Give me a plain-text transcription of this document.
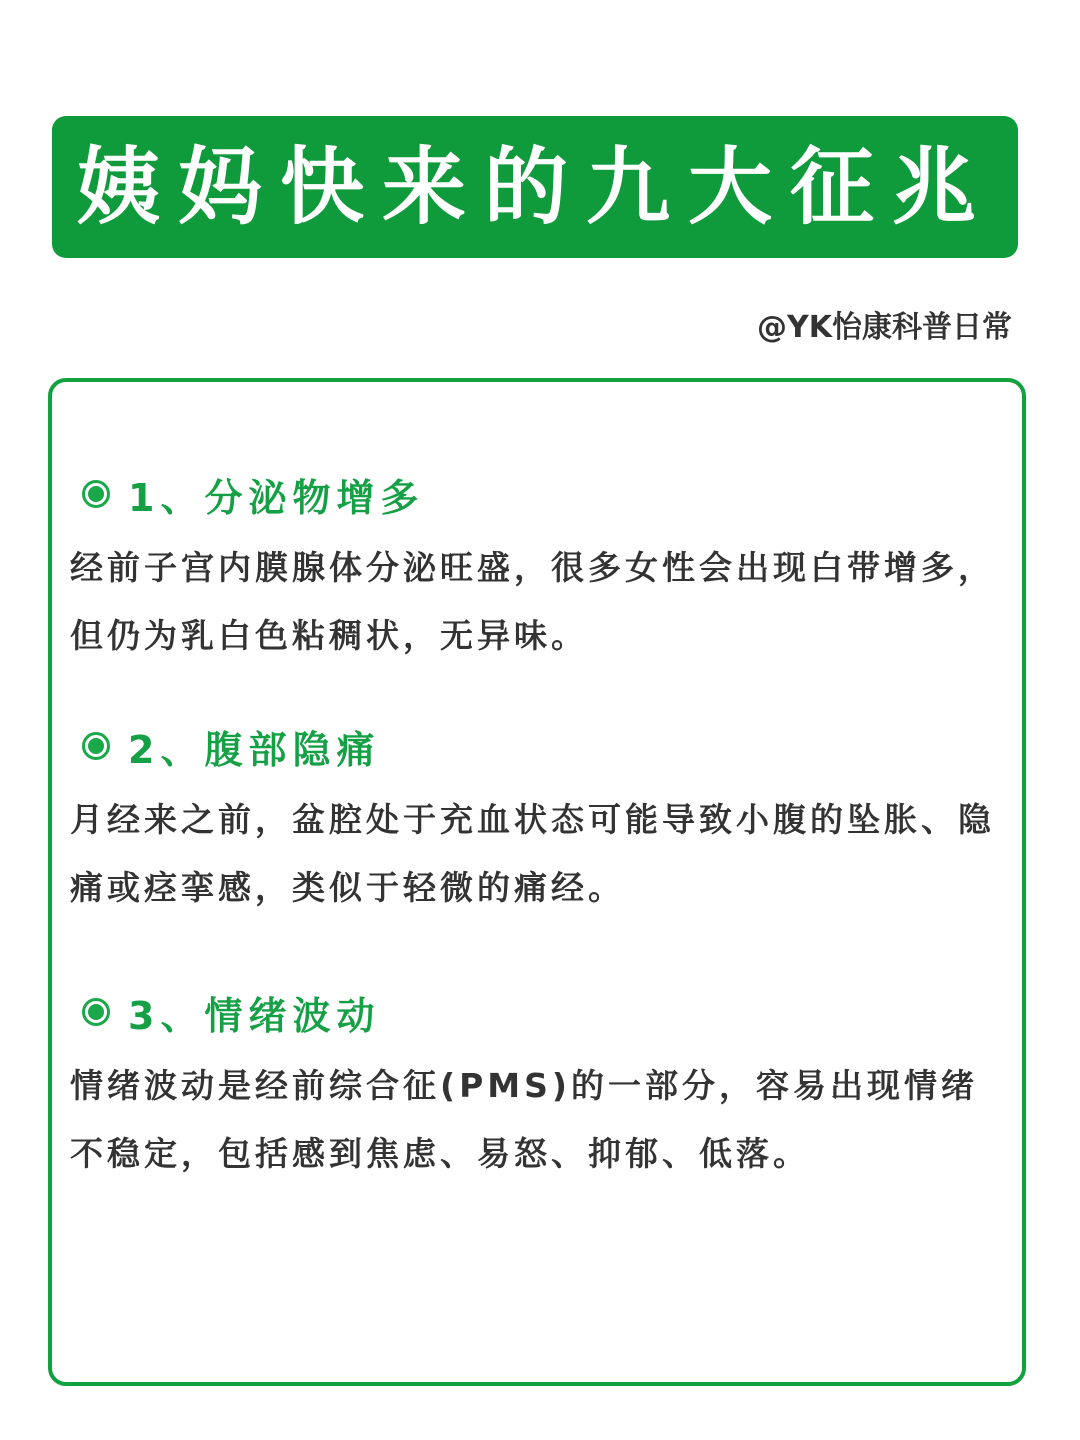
姨妈快来的九大征兆
@YK怡康科普日常
1、分泌物增多
经前子宫内膜腺体分泌旺盛，很多女性会出现白带增多，但仍为乳白色粘稠状，无异味。
2、腹部隐痛
月经来之前，盆腔处于充血状态可能导致小腹的坠胀、隐痛或痉挛感，类似于轻微的痛经。
3、情绪波动
情绪波动是经前综合征(PMS)的一部分，容易出现情绪不稳定，包括感到焦虑、易怒、抑郁、低落。
